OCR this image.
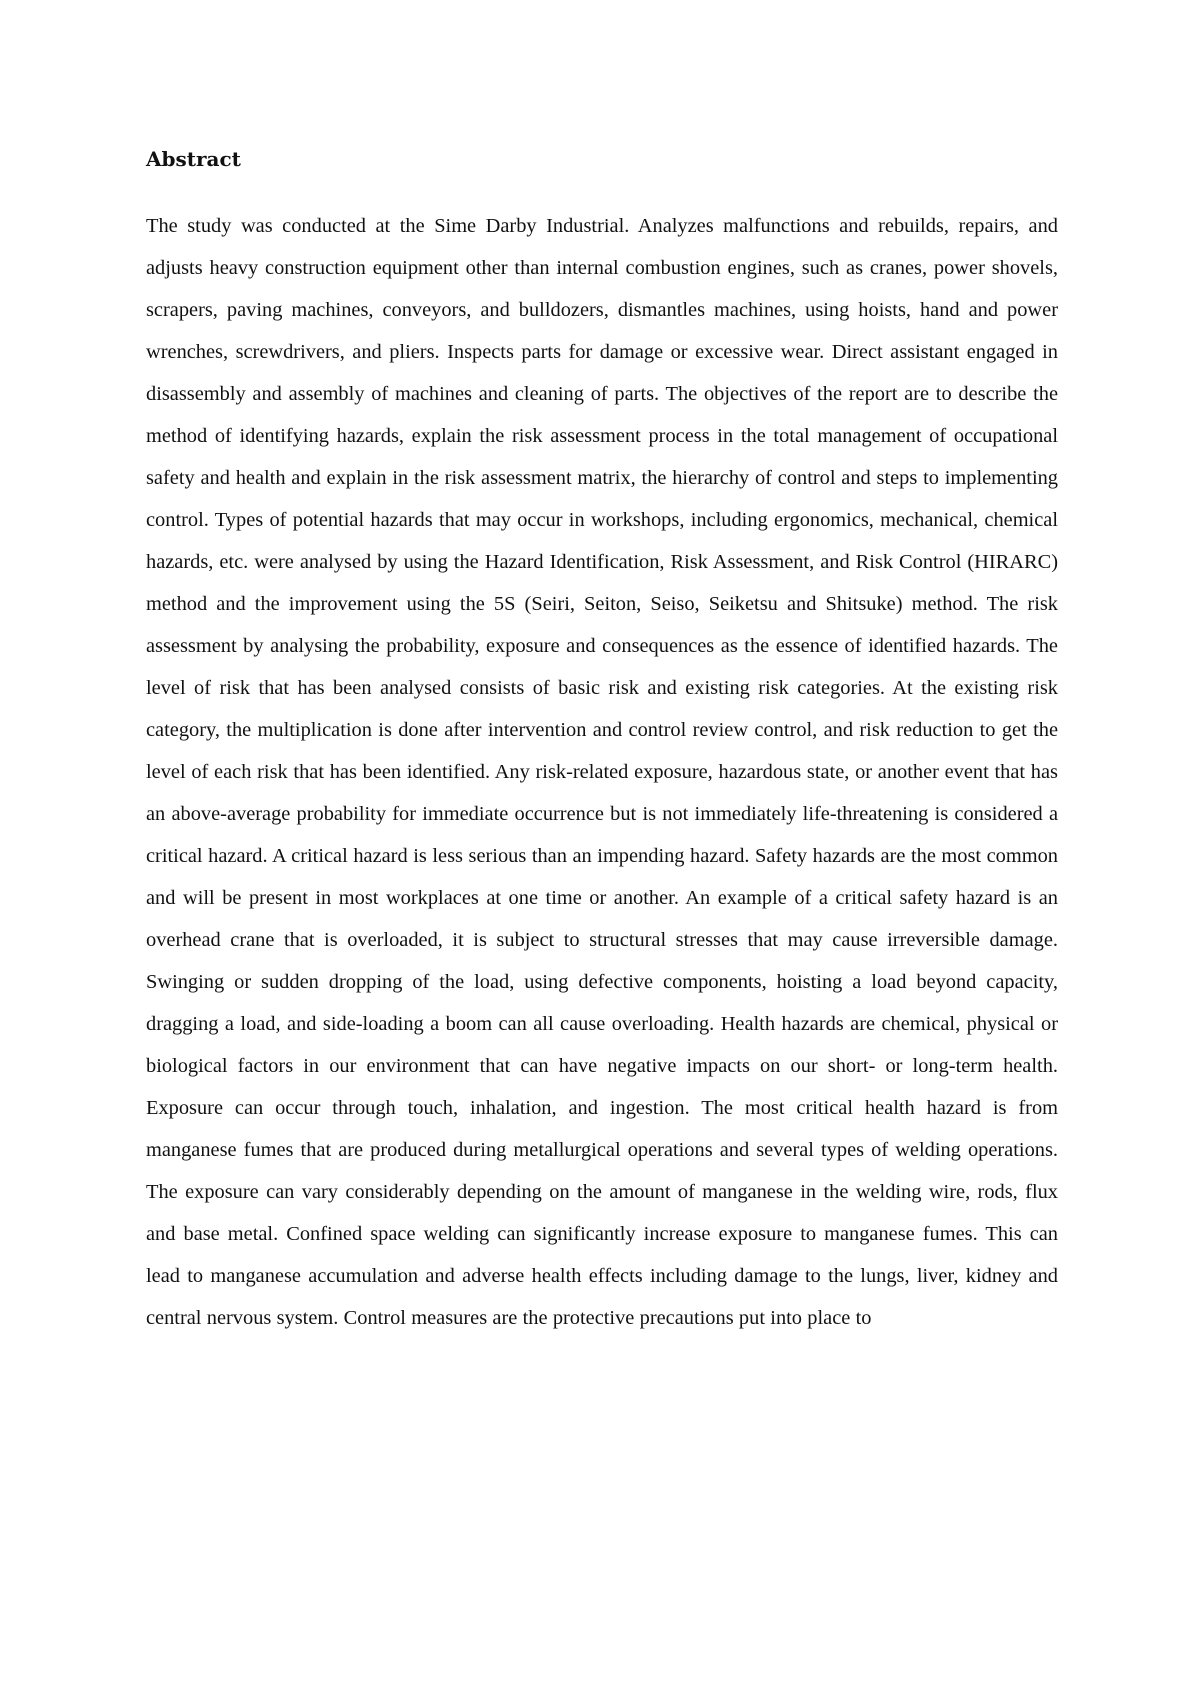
Abstract

The study was conducted at the Sime Darby Industrial. Analyzes malfunctions and rebuilds, repairs, and adjusts heavy construction equipment other than internal combustion engines, such as cranes, power shovels, scrapers, paving machines, conveyors, and bulldozers, dismantles machines, using hoists, hand and power wrenches, screwdrivers, and pliers. Inspects parts for damage or excessive wear. Direct assistant engaged in disassembly and assembly of machines and cleaning of parts. The objectives of the report are to describe the method of identifying hazards, explain the risk assessment process in the total management of occupational safety and health and explain in the risk assessment matrix, the hierarchy of control and steps to implementing control. Types of potential hazards that may occur in workshops, including ergonomics, mechanical, chemical hazards, etc. were analysed by using the Hazard Identification, Risk Assessment, and Risk Control (HIRARC) method and the improvement using the 5S (Seiri, Seiton, Seiso, Seiketsu and Shitsuke) method. The risk assessment by analysing the probability, exposure and consequences as the essence of identified hazards. The level of risk that has been analysed consists of basic risk and existing risk categories. At the existing risk category, the multiplication is done after intervention and control review control, and risk reduction to get the level of each risk that has been identified. Any risk-related exposure, hazardous state, or another event that has an above-average probability for immediate occurrence but is not immediately life-threatening is considered a critical hazard. A critical hazard is less serious than an impending hazard. Safety hazards are the most common and will be present in most workplaces at one time or another. An example of a critical safety hazard is an overhead crane that is overloaded, it is subject to structural stresses that may cause irreversible damage. Swinging or sudden dropping of the load, using defective components, hoisting a load beyond capacity, dragging a load, and side-loading a boom can all cause overloading. Health hazards are chemical, physical or biological factors in our environment that can have negative impacts on our short- or long-term health. Exposure can occur through touch, inhalation, and ingestion. The most critical health hazard is from manganese fumes that are produced during metallurgical operations and several types of welding operations. The exposure can vary considerably depending on the amount of manganese in the welding wire, rods, flux and base metal. Confined space welding can significantly increase exposure to manganese fumes. This can lead to manganese accumulation and adverse health effects including damage to the lungs, liver, kidney and central nervous system. Control measures are the protective precautions put into place to
